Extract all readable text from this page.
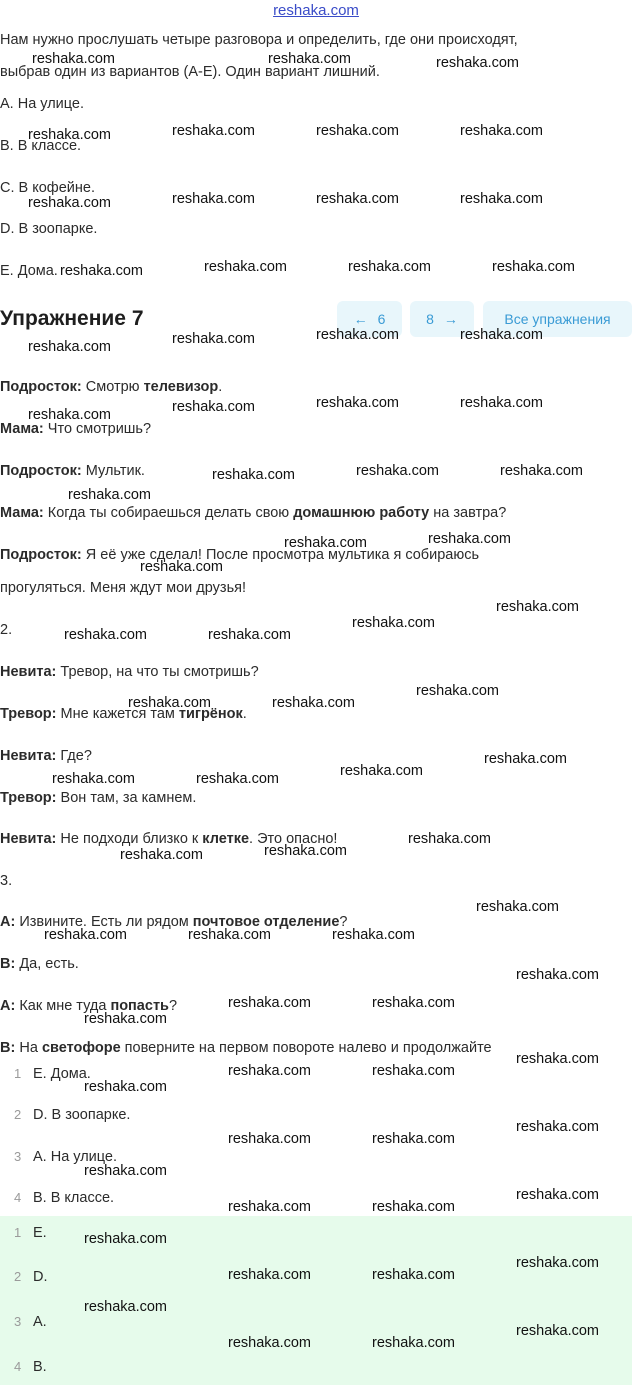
reshaka.com
Нам нужно прослушать четыре разговора и определить, где они происходят,
выбрав один из вариантов (A-E). Один вариант лишний.
A. На улице.
B. В классе.
C. В кофейне.
D. В зоопарке.
E. Дома.
Упражнение 7	← 6	8 →	Все упражнения
Подросток: Смотрю телевизор.
Мама: Что смотришь?
Подросток: Мультик.
Мама: Когда ты собираешься делать свою домашнюю работу на завтра?
Подросток: Я её уже сделал! После просмотра мультика я собираюсь
прогуляться. Меня ждут мои друзья!
2.
Невита: Тревор, на что ты смотришь?
Тревор: Мне кажется там тигрёнок.
Невита: Где?
Тревор: Вон там, за камнем.
Невита: Не подходи близко к клетке. Это опасно!
3.
A: Извините. Есть ли рядом почтовое отделение?
B: Да, есть.
A: Как мне туда попасть?
B: На светофоре поверните на первом повороте налево и продолжайте
1 E. Дома.
2 D. В зоопарке.
3 A. На улице.
4 B. В классе.
1 E.
2 D.
3 A.
4 B.
reshaka.com	reshaka.com	reshaka.com
reshaka.com	reshaka.com	reshaka.com	reshaka.com
reshaka.com	reshaka.com	reshaka.com	reshaka.com
reshaka.com	reshaka.com	reshaka.com	reshaka.com
reshaka.com	reshaka.com	reshaka.com	reshaka.com
reshaka.com	reshaka.com	reshaka.com	reshaka.com
reshaka.com	reshaka.com	reshaka.com
reshaka.com
reshaka.com	reshaka.com
reshaka.com
reshaka.com
reshaka.com
reshaka.com	reshaka.com
reshaka.com
reshaka.com	reshaka.com
reshaka.com
reshaka.com
reshaka.com	reshaka.com
reshaka.com
reshaka.com
reshaka.com
reshaka.com
reshaka.com	reshaka.com	reshaka.com
reshaka.com
reshaka.com	reshaka.com
reshaka.com
reshaka.com
reshaka.com	reshaka.com
reshaka.com
reshaka.com
reshaka.com	reshaka.com
reshaka.com
reshaka.com
reshaka.com	reshaka.com
reshaka.com
reshaka.com
reshaka.com	reshaka.com
reshaka.com
reshaka.com
reshaka.com	reshaka.com
